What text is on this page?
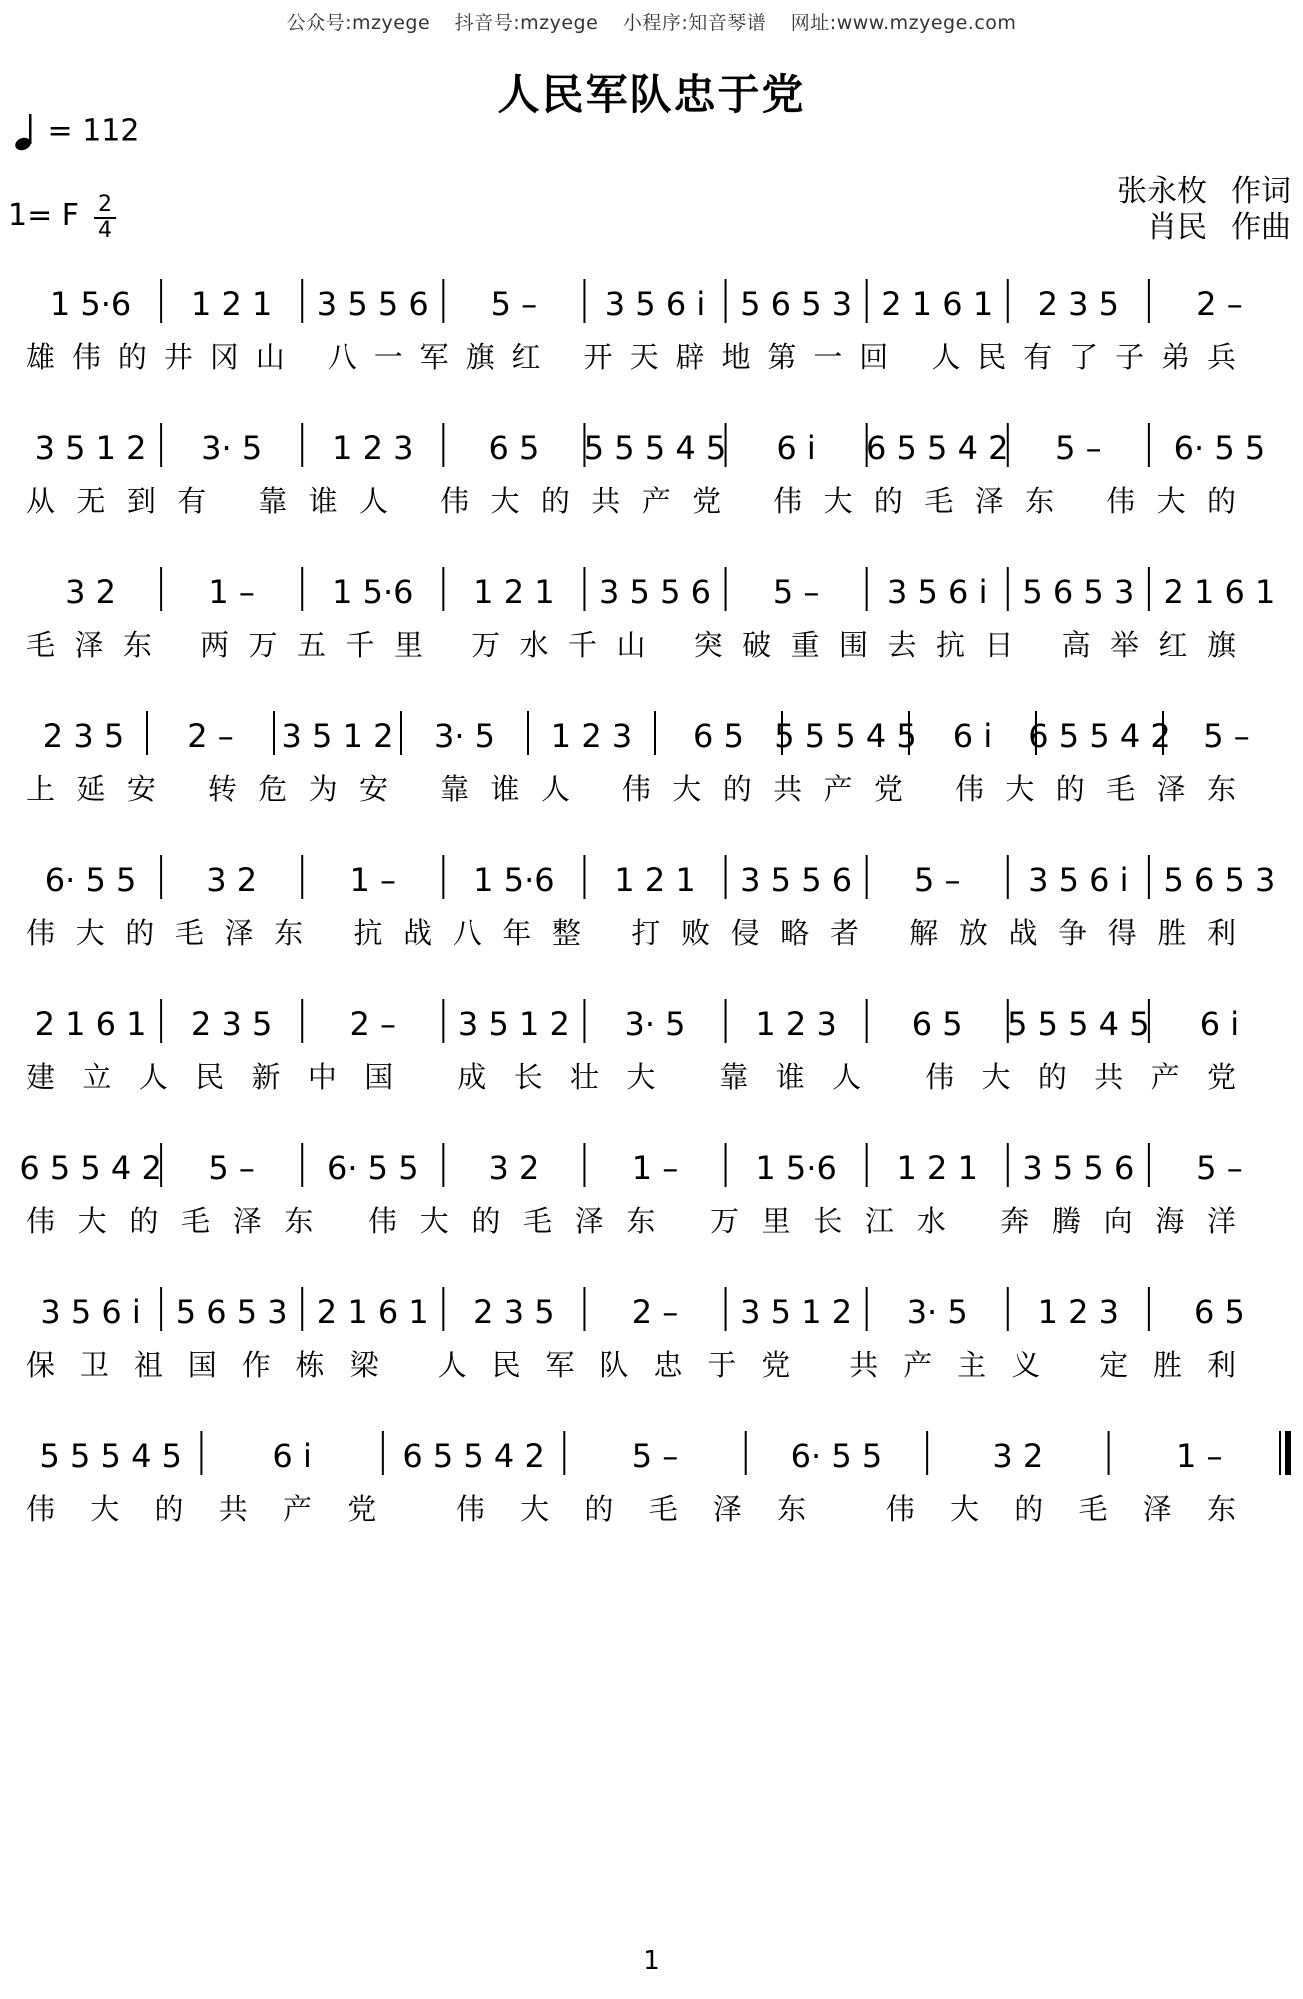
公众号:mzyege 抖音号:mzyege 小程序:知音琴谱 网址:www.mzyege.com
人民军队忠于党
= 112
1= F 2
4
张永枚 作词
肖民 作曲
1 5·6 1 2 1 3 5 5 6 5 – 3 5 6 i 5 6 5 3 2 1 6 1 2 3 5 2 –
雄伟的井冈山 八一军旗红 开天辟地第一回 人民有了子弟兵
3 5 1 2 3· 5 1 2 3 6 5 5 5 5 4 5 6 i 6 5 5 4 2 5 – 6· 5 5
从无到有 靠谁人 伟大的共产党 伟大的毛泽东 伟大的
3 2	1 – 1 5·6 1 2 1 3 5 5 6 5 – 3 5 6 i 5 6 5 3 2 1 6 1
毛泽东 两万五千里 万水千山 突破重围去抗日 高举红旗
2 3 5 2 – 3 5 1 2 3· 5 1 2 3 6 5 5 5 5 4 5 6 i 6 5 5 4 2 5 –
上延安 转危为安 靠谁人 伟大的共产党 伟大的毛泽东
6· 5 5 3 2	1 – 1 5·6 1 2 1 3 5 5 6 5 – 3 5 6 i 5 6 5 3
伟大的毛泽东 抗战八年整 打败侵略者 解放战争得胜利
2 1 6 1 2 3 5 2 – 3 5 1 2 3· 5 1 2 3 6 5 5 5 5 4 5 6 i
建立人民新中国 成长壮大 靠谁人 伟大的共产党
6 5 5 4 2 5 – 6· 5 5 3 2	1 – 1 5·6 1 2 1 3 5 5 6 5 –
伟大的毛泽东 伟大的毛泽东 万里长江水 奔腾向海洋
3 5 6 i 5 6 5 3 2 1 6 1 2 3 5 2 – 3 5 1 2 3· 5 1 2 3 6 5
保卫祖国作栋梁 人民军队忠于党 共产主义 定胜利
5 5 5 4 5	6 i	6 5 5 4 2	5 –	6· 5 5	3 2	1 –
伟大的共产党 伟大的毛泽东 伟大的毛泽东
1
